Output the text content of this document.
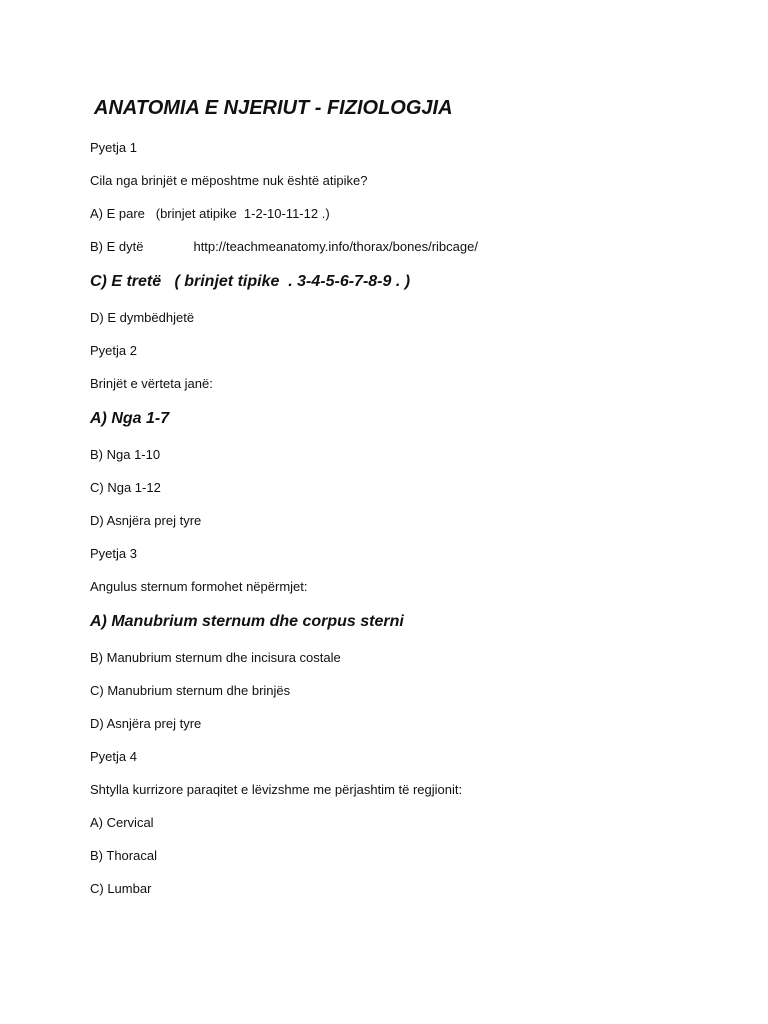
ANATOMIA E NJERIUT - FIZIOLOGJIA
Pyetja 1
Cila nga brinjët e mëposhtme nuk është atipike?
A) E pare   (brinjet atipike  1-2-10-11-12 .)
B) E dytë	http://teachmeanatomy.info/thorax/bones/ribcage/
C) E tretë   ( brinjet tipike  . 3-4-5-6-7-8-9 . )
D) E dymbëdhjetë
Pyetja 2
Brinjët e vërteta janë:
A) Nga 1-7
B) Nga 1-10
C) Nga 1-12
D) Asnjëra prej tyre
Pyetja 3
Angulus sternum formohet nëpërmjet:
A) Manubrium sternum dhe corpus sterni
B) Manubrium sternum dhe incisura costale
C) Manubrium sternum dhe brinjës
D) Asnjëra prej tyre
Pyetja 4
Shtylla kurrizore paraqitet e lëvizshme me përjashtim të regjionit:
A) Cervical
B) Thoracal
C) Lumbar
